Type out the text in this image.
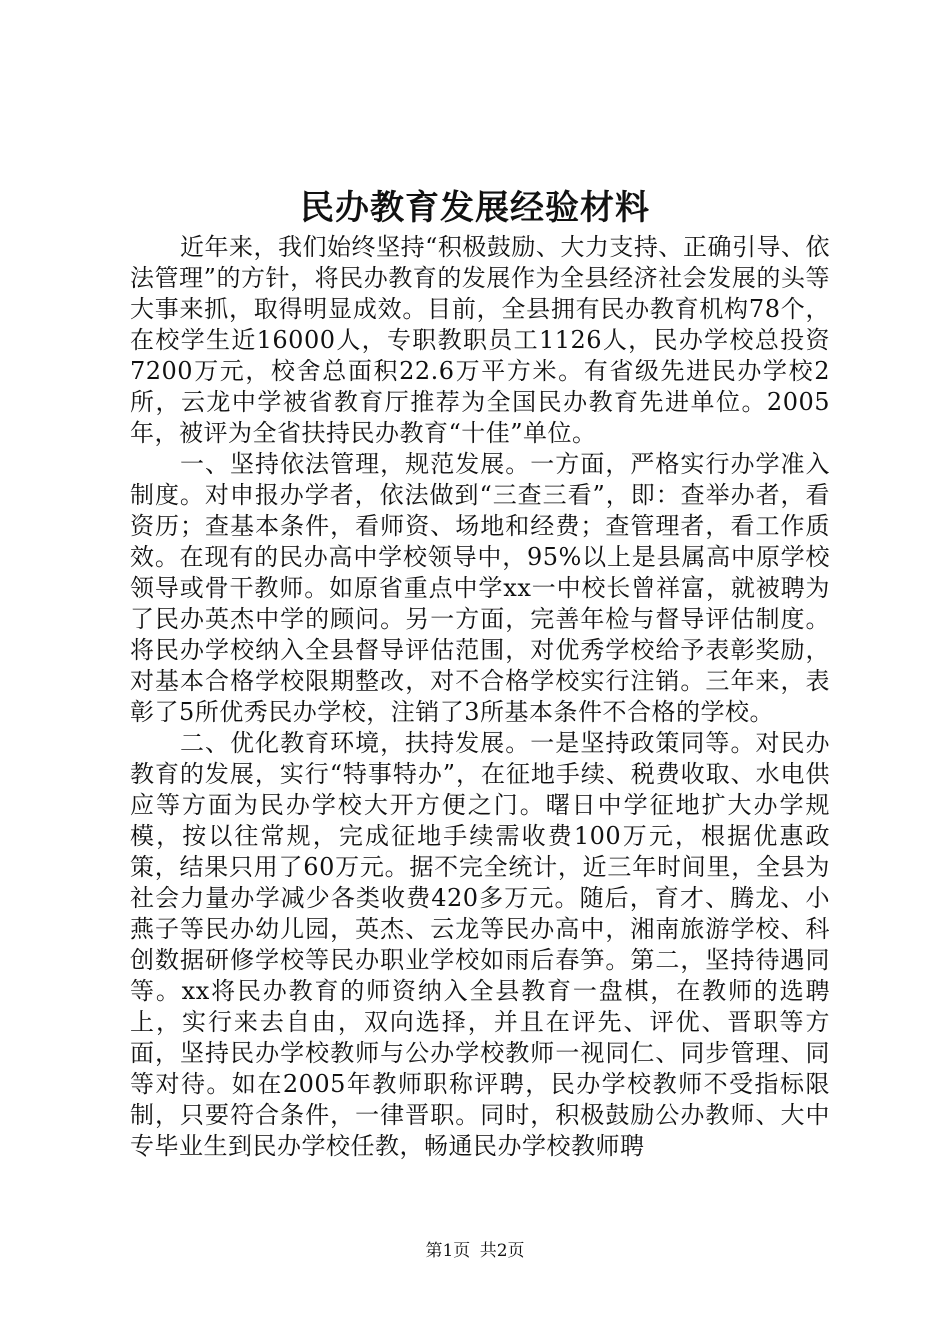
民办教育发展经验材料

近年来，我们始终坚持“积极鼓励、大力支持、正确引导、依法管理”的方针，将民办教育的发展作为全县经济社会发展的头等大事来抓，取得明显成效。目前，全县拥有民办教育机构78个，在校学生近16000人，专职教职员工1126人，民办学校总投资7200万元，校舍总面积22.6万平方米。有省级先进民办学校2所，云龙中学被省教育厅推荐为全国民办教育先进单位。2005年，被评为全省扶持民办教育“十佳”单位。

一、坚持依法管理，规范发展。一方面，严格实行办学准入制度。对申报办学者，依法做到“三查三看”，即：查举办者，看资历；查基本条件，看师资、场地和经费；查管理者，看工作质效。在现有的民办高中学校领导中，95%以上是县属高中原学校领导或骨干教师。如原省重点中学xx一中校长曾祥富，就被聘为了民办英杰中学的顾问。另一方面，完善年检与督导评估制度。将民办学校纳入全县督导评估范围，对优秀学校给予表彰奖励，对基本合格学校限期整改，对不合格学校实行注销。三年来，表彰了5所优秀民办学校，注销了3所基本条件不合格的学校。

二、优化教育环境，扶持发展。一是坚持政策同等。对民办教育的发展，实行“特事特办”，在征地手续、税费收取、水电供应等方面为民办学校大开方便之门。曙日中学征地扩大办学规模，按以往常规，完成征地手续需收费100万元，根据优惠政策，结果只用了60万元。据不完全统计，近三年时间里，全县为社会力量办学减少各类收费420多万元。随后，育才、腾龙、小燕子等民办幼儿园，英杰、云龙等民办高中，湘南旅游学校、科创数据研修学校等民办职业学校如雨后春笋。第二，坚持待遇同等。xx将民办教育的师资纳入全县教育一盘棋，在教师的选聘上，实行来去自由，双向选择，并且在评先、评优、晋职等方面，坚持民办学校教师与公办学校教师一视同仁、同步管理、同等对待。如在2005年教师职称评聘，民办学校教师不受指标限制，只要符合条件，一律晋职。同时，积极鼓励公办教师、大中专毕业生到民办学校任教，畅通民办学校教师聘

第1页 共2页
